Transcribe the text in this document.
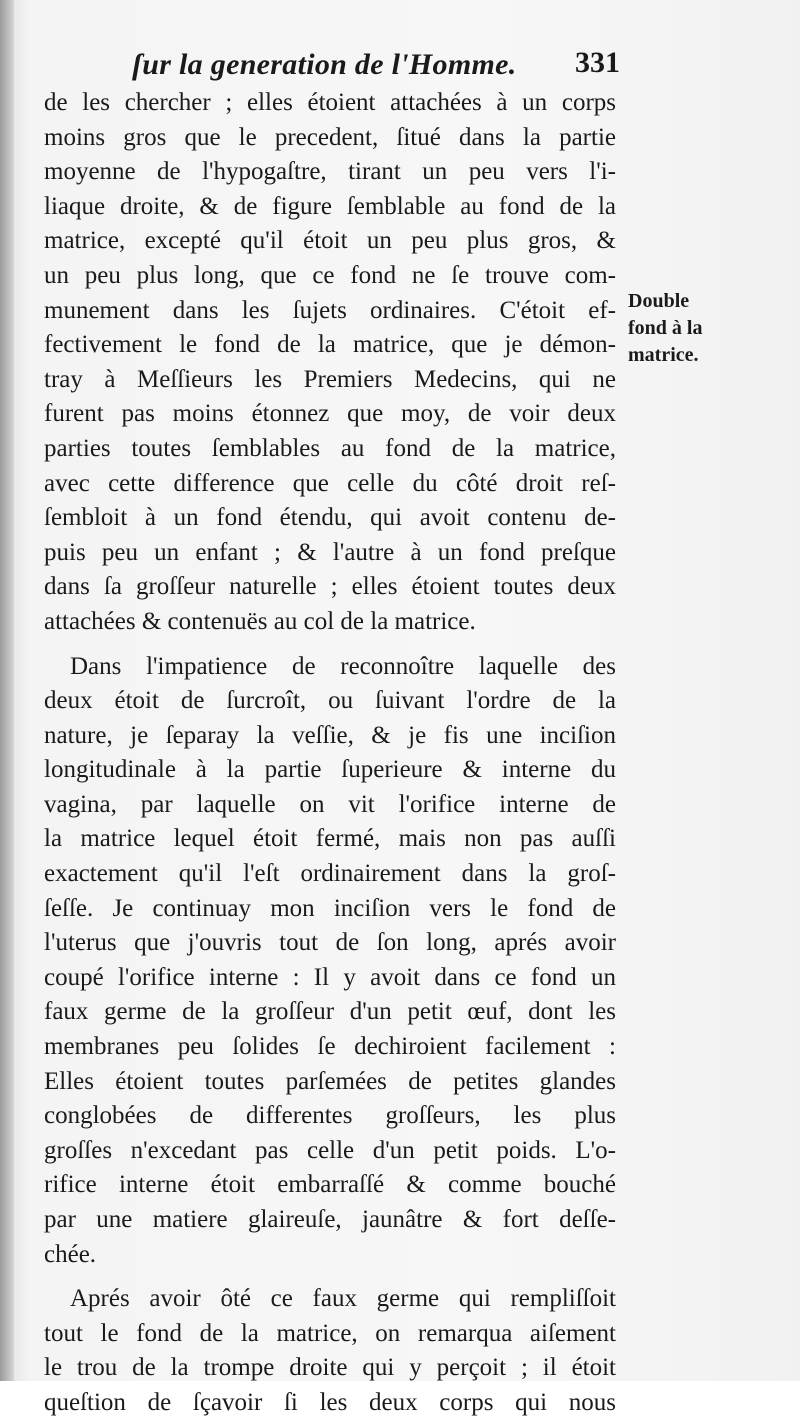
ſur la generation de l'Homme. 331
de les chercher ; elles étoient attachées à un corps
moins gros que le precedent, ſitué dans la partie
moyenne de l'hypogaſtre, tirant un peu vers l'i-
liaque droite, & de figure ſemblable au fond de la
matrice, excepté qu'il étoit un peu plus gros, &
un peu plus long, que ce fond ne ſe trouve com-
munement dans les ſujets ordinaires. C'étoit ef-
fectivement le fond de la matrice, que je démon-
tray à Meſſieurs les Premiers Medecins, qui ne
furent pas moins étonnez que moy, de voir deux
parties toutes ſemblables au fond de la matrice,
avec cette difference que celle du côté droit reſ-
ſembloit à un fond étendu, qui avoit contenu de-
puis peu un enfant ; & l'autre à un fond preſque
dans ſa groſſeur naturelle ; elles étoient toutes deux
attachées & contenuës au col de la matrice.
Dans l'impatience de reconnoître laquelle des
deux étoit de ſurcroît, ou ſuivant l'ordre de la
nature, je ſeparay la veſſie, & je fis une inciſion
longitudinale à la partie ſuperieure & interne du
vagina, par laquelle on vit l'orifice interne de
la matrice lequel étoit fermé, mais non pas auſſi
exactement qu'il l'eſt ordinairement dans la groſ-
ſeſſe. Je continuay mon inciſion vers le fond de
l'uterus que j'ouvris tout de ſon long, aprés avoir
coupé l'orifice interne : Il y avoit dans ce fond un
faux germe de la groſſeur d'un petit œuf, dont les
membranes peu ſolides ſe dechiroient facilement :
Elles étoient toutes parſemées de petites glandes
conglobées de differentes groſſeurs, les plus
groſſes n'excedant pas celle d'un petit poids. L'o-
rifice interne étoit embarraſſé & comme bouché
par une matiere glaireuſe, jaunâtre & fort deſſe-
chée.
Aprés avoir ôté ce faux germe qui rempliſſoit
tout le fond de la matrice, on remarqua aiſement
le trou de la trompe droite qui y perçoit ; il étoit
queſtion de ſçavoir ſi les deux corps qui nous
Double
fond à la
matrice.
